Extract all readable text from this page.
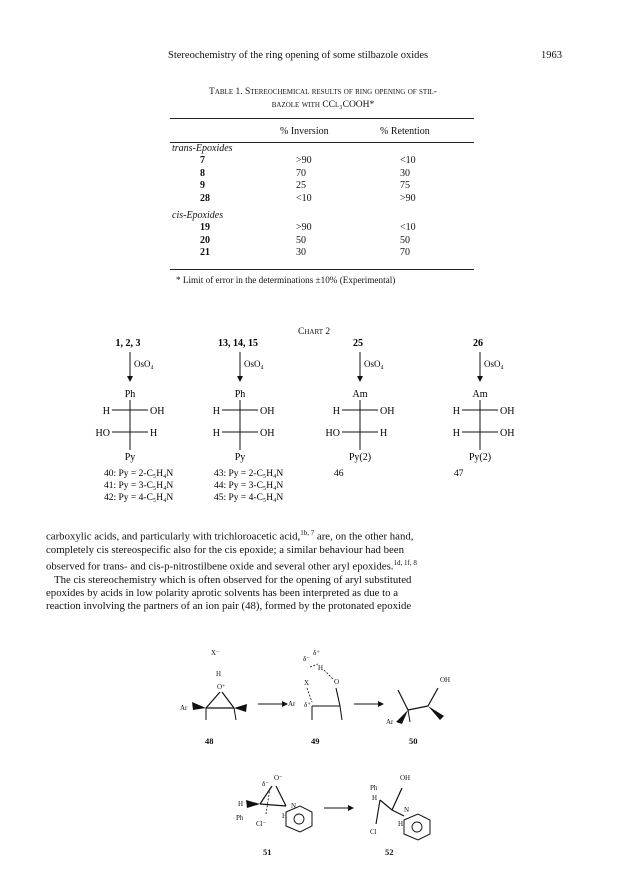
Stereochemistry of the ring opening of some stilbazole oxides	1963
Table 1. Stereochemical results of ring opening of stil-
bazole with CCl₃COOH*
% Inversion	% Retention
trans-Epoxides
7	>90	<10
8	70	30
9	25	75
28	<10	>90
cis-Epoxides
19	>90	<10
20	50	50
21	30	70
* Limit of error in the determinations ±10% (Experimental)
Chart 2
1, 2, 3
OsO₄
Ph
H	OH
HO	H
Py
40: Py = 2-C₅H₄N
41: Py = 3-C₅H₄N
42: Py = 4-C₅H₄N
13, 14, 15
OsO₄
Ph
H	OH
H	OH
Py
43: Py = 2-C₅H₄N
44: Py = 3-C₅H₄N
45: Py = 4-C₅H₄N
25
OsO₄
Am
H	OH
HO	H
Py(2)
46
26
OsO₄
Am
H	OH
H	OH
Py(2)
47
carboxylic acids, and particularly with trichloroacetic acid,$^{1b, 7}$ are, on the other hand,
completely cis stereospecific also for the cis epoxide; a similar behaviour had been
observed for trans- and cis-p-nitrostilbene oxide and several other aryl epoxides.$^{1d, 1f, 8}$
The cis stereochemistry which is often observed for the opening of aryl substituted
epoxides by acids in low polarity aprotic solvents has been interpreted as due to a
reaction involving the partners of an ion pair (48), formed by the protonated epoxide
X⁻
H
O⁺
Ar
δ⁻
δ⁺
H
X	O
Ar δ⁺
OH
Ar
48	49	50
δ⁻
O⁻
H
Ph
Cl⁻
H
N
Ph
H
OH
Cl
N
H
51	52
